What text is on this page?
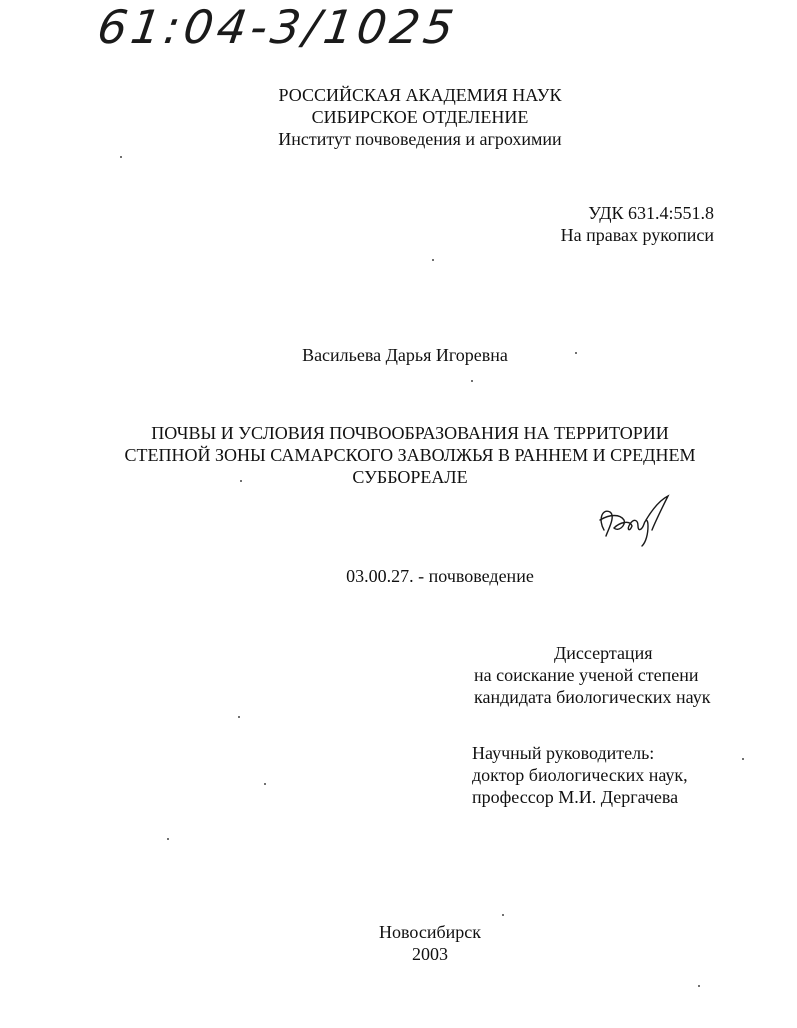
61:04-3/1025
РОССИЙСКАЯ АКАДЕМИЯ НАУК
СИБИРСКОЕ ОТДЕЛЕНИЕ
Институт почвоведения и агрохимии
УДК 631.4:551.8
На правах рукописи
Васильева Дарья Игоревна
ПОЧВЫ И УСЛОВИЯ ПОЧВООБРАЗОВАНИЯ НА ТЕРРИТОРИИ
СТЕПНОЙ ЗОНЫ САМАРСКОГО ЗАВОЛЖЬЯ В РАННЕМ И СРЕДНЕМ
СУББОРЕАЛЕ
03.00.27. - почвоведение
Диссертация
на соискание ученой степени
кандидата биологических наук
Научный руководитель:
доктор биологических наук,
профессор М.И. Дергачева
Новосибирск
2003
